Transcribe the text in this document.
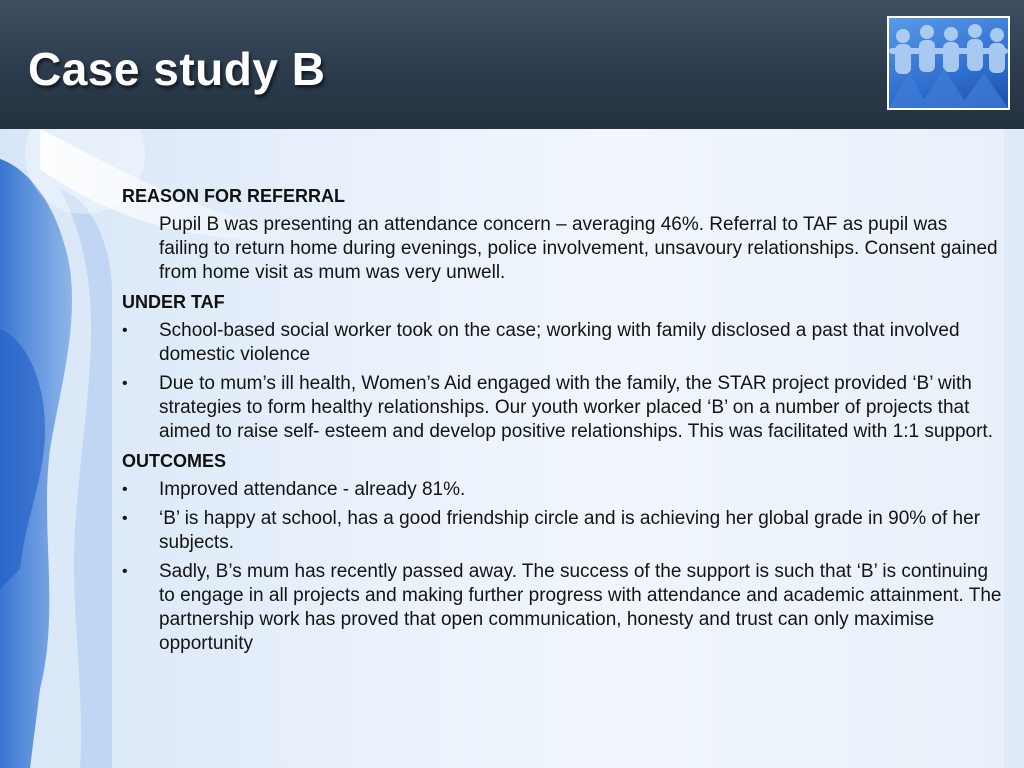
Case study B

REASON FOR REFERRAL

Pupil B was presenting an attendance concern – averaging 46%. Referral to TAF as pupil was failing to return home during evenings, police involvement, unsavoury relationships. Consent gained from home visit as mum was very unwell.

UNDER TAF

•	School-based social worker took on the case; working with family disclosed a past that involved domestic violence
•	Due to mum’s ill health, Women’s Aid engaged with the family, the STAR project provided ‘B’ with strategies to form healthy relationships. Our youth worker placed ‘B’ on a number of projects that aimed to raise self- esteem and develop positive relationships. This was facilitated with 1:1 support.

OUTCOMES

•	Improved attendance - already 81%.
•	‘B’ is happy at school, has a good friendship circle and is achieving her global grade in 90% of her subjects.
•	Sadly, B’s mum has recently passed away. The success of the support is such that ‘B’ is continuing to engage in all projects and making further progress with attendance and academic attainment. The partnership work has proved that open communication, honesty and trust can only maximise opportunity
